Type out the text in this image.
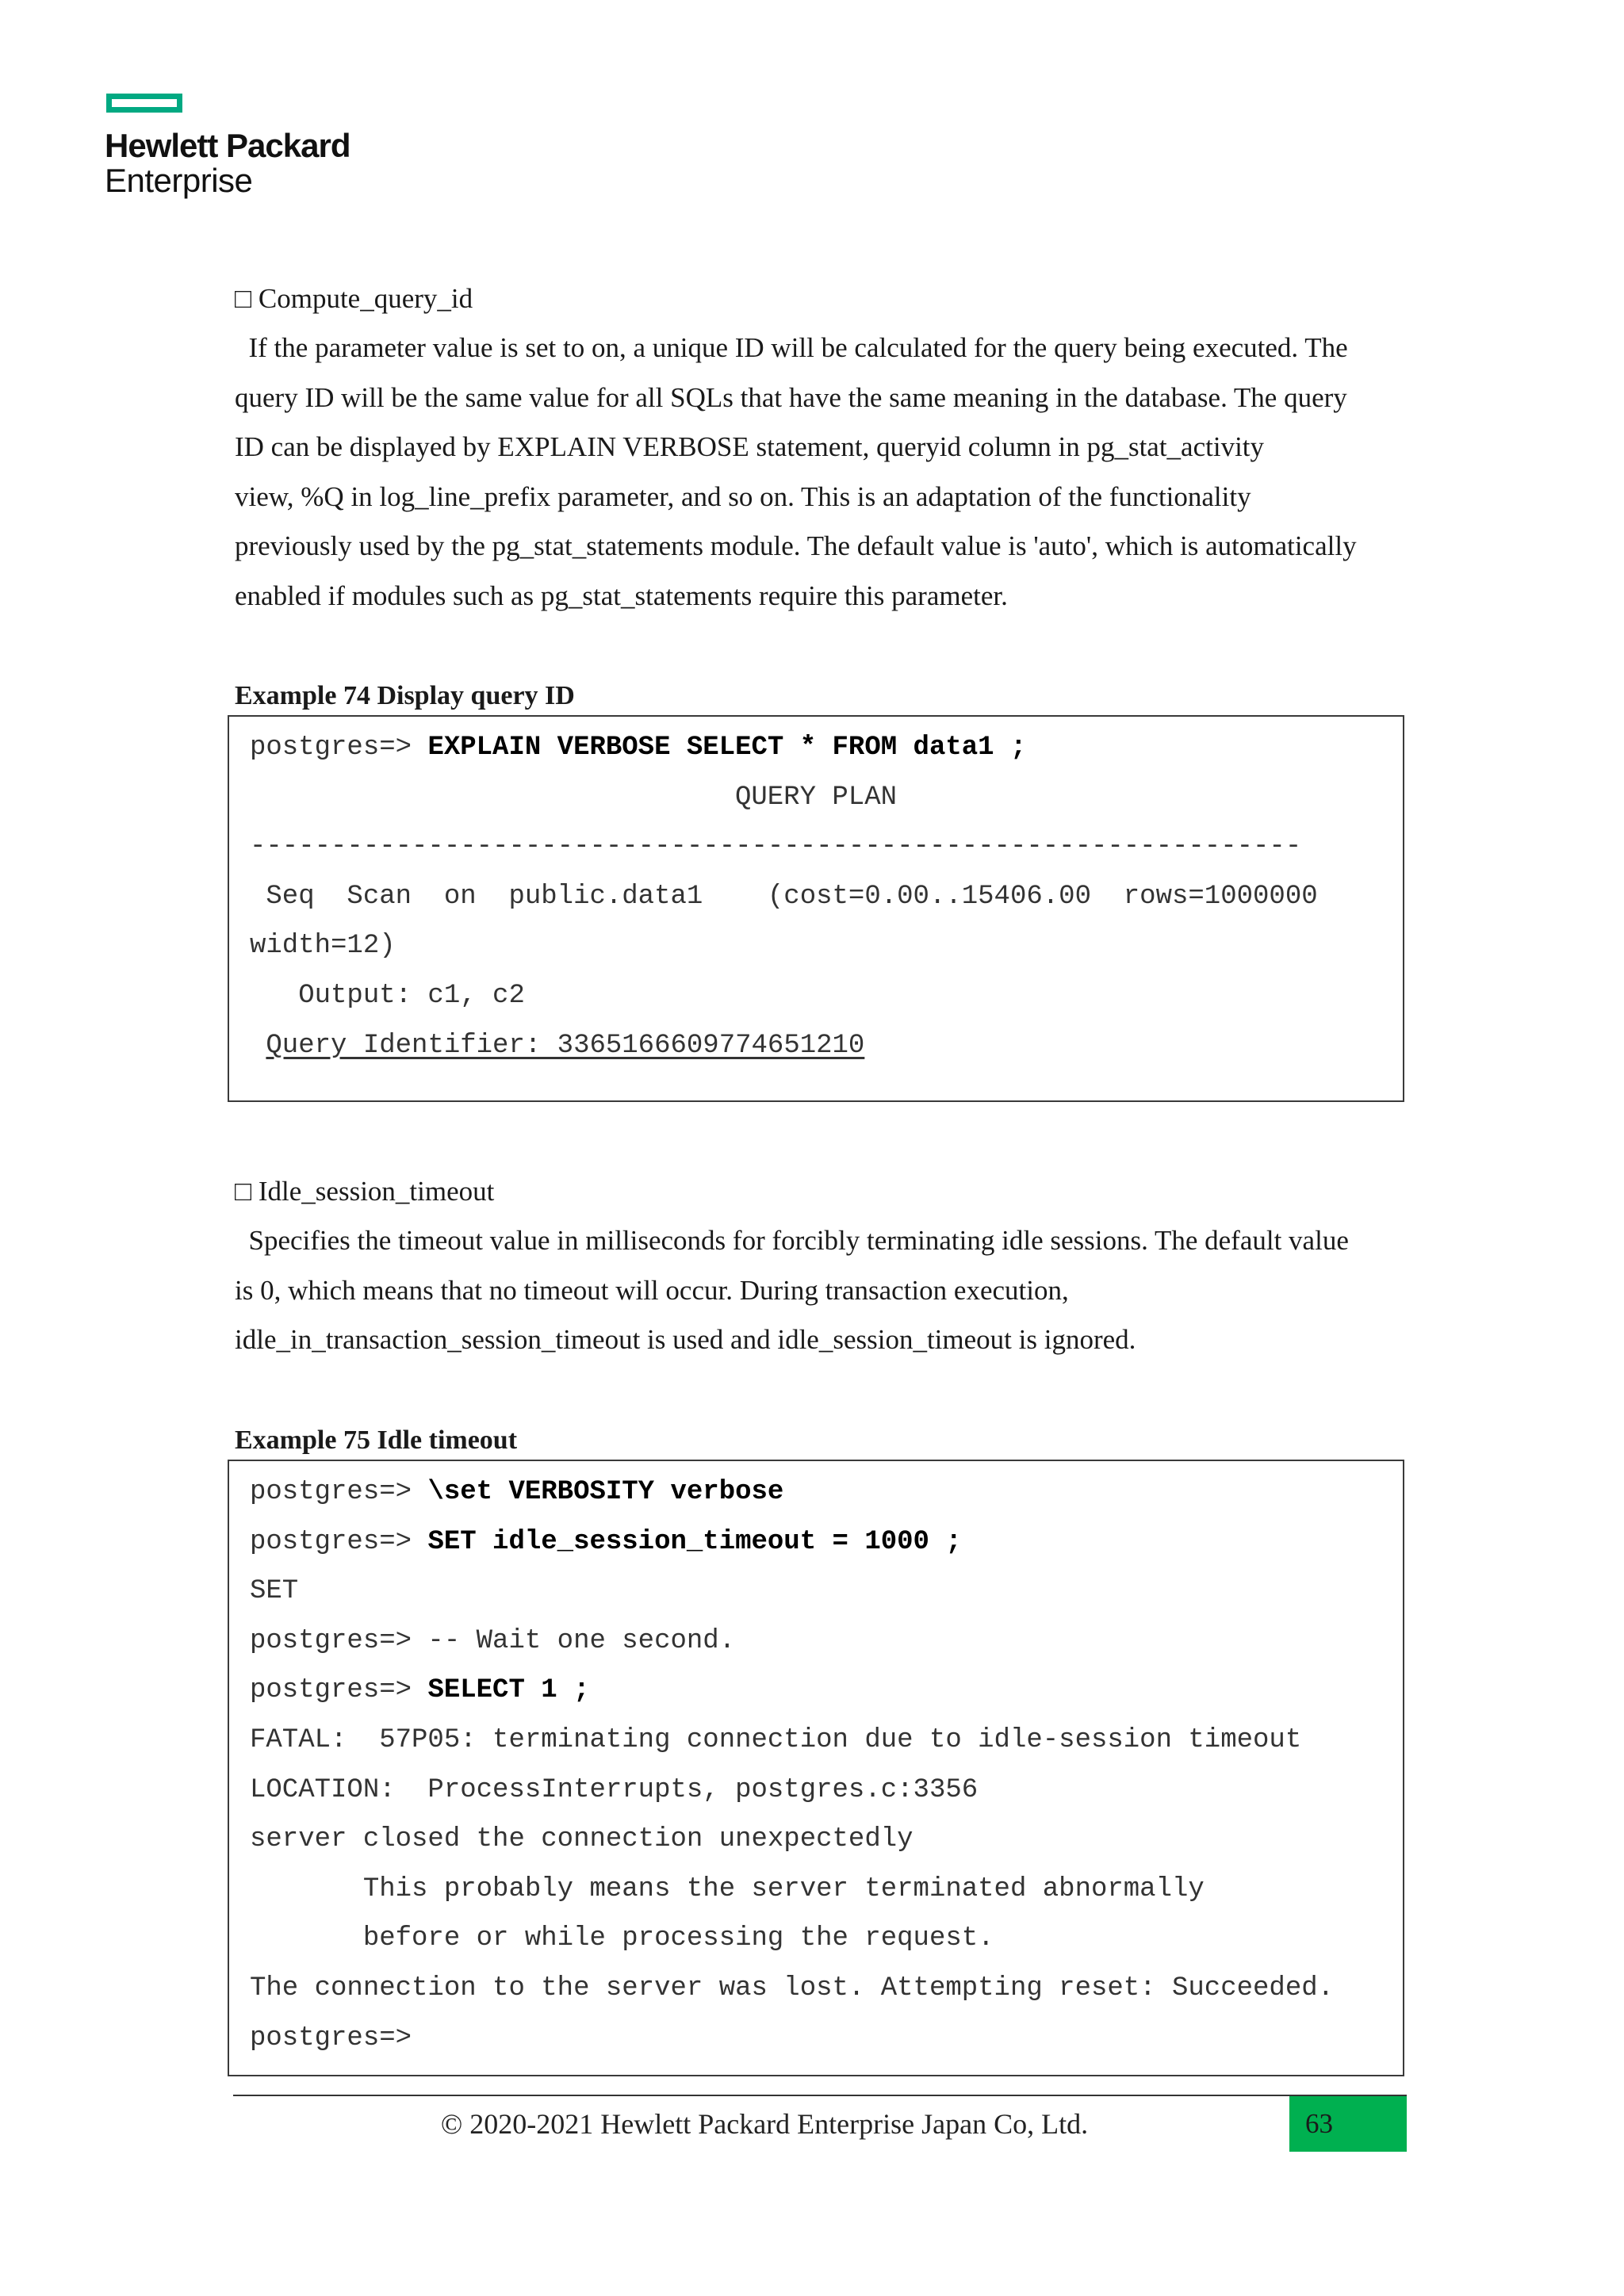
Hewlett Packard
Enterprise
□ Compute_query_id

If the parameter value is set to on, a unique ID will be calculated for the query being executed. The

query ID will be the same value for all SQLs that have the same meaning in the database. The query

ID can be displayed by EXPLAIN VERBOSE statement, queryid column in pg_stat_activity

view, %Q in log_line_prefix parameter, and so on. This is an adaptation of the functionality

previously used by the pg_stat_statements module. The default value is 'auto', which is automatically

enabled if modules such as pg_stat_statements require this parameter.

Example 74 Display query ID
postgres=> EXPLAIN VERBOSE SELECT * FROM data1 ;
QUERY PLAN
-----------------------------------------------------------------
Seq  Scan  on  public.data1    (cost=0.00..15406.00  rows=1000000
width=12)
Output: c1, c2
Query Identifier: 3365166609774651210
□ Idle_session_timeout

Specifies the timeout value in milliseconds for forcibly terminating idle sessions. The default value

is 0, which means that no timeout will occur. During transaction execution,

idle_in_transaction_session_timeout is used and idle_session_timeout is ignored.

Example 75 Idle timeout
postgres=> \set VERBOSITY verbose
postgres=> SET idle_session_timeout = 1000 ;
SET
postgres=> -- Wait one second.
postgres=> SELECT 1 ;
FATAL:  57P05: terminating connection due to idle-session timeout
LOCATION:  ProcessInterrupts, postgres.c:3356
server closed the connection unexpectedly
This probably means the server terminated abnormally
before or while processing the request.
The connection to the server was lost. Attempting reset: Succeeded.
postgres=>
© 2020-2021 Hewlett Packard Enterprise Japan Co, Ltd.	63
